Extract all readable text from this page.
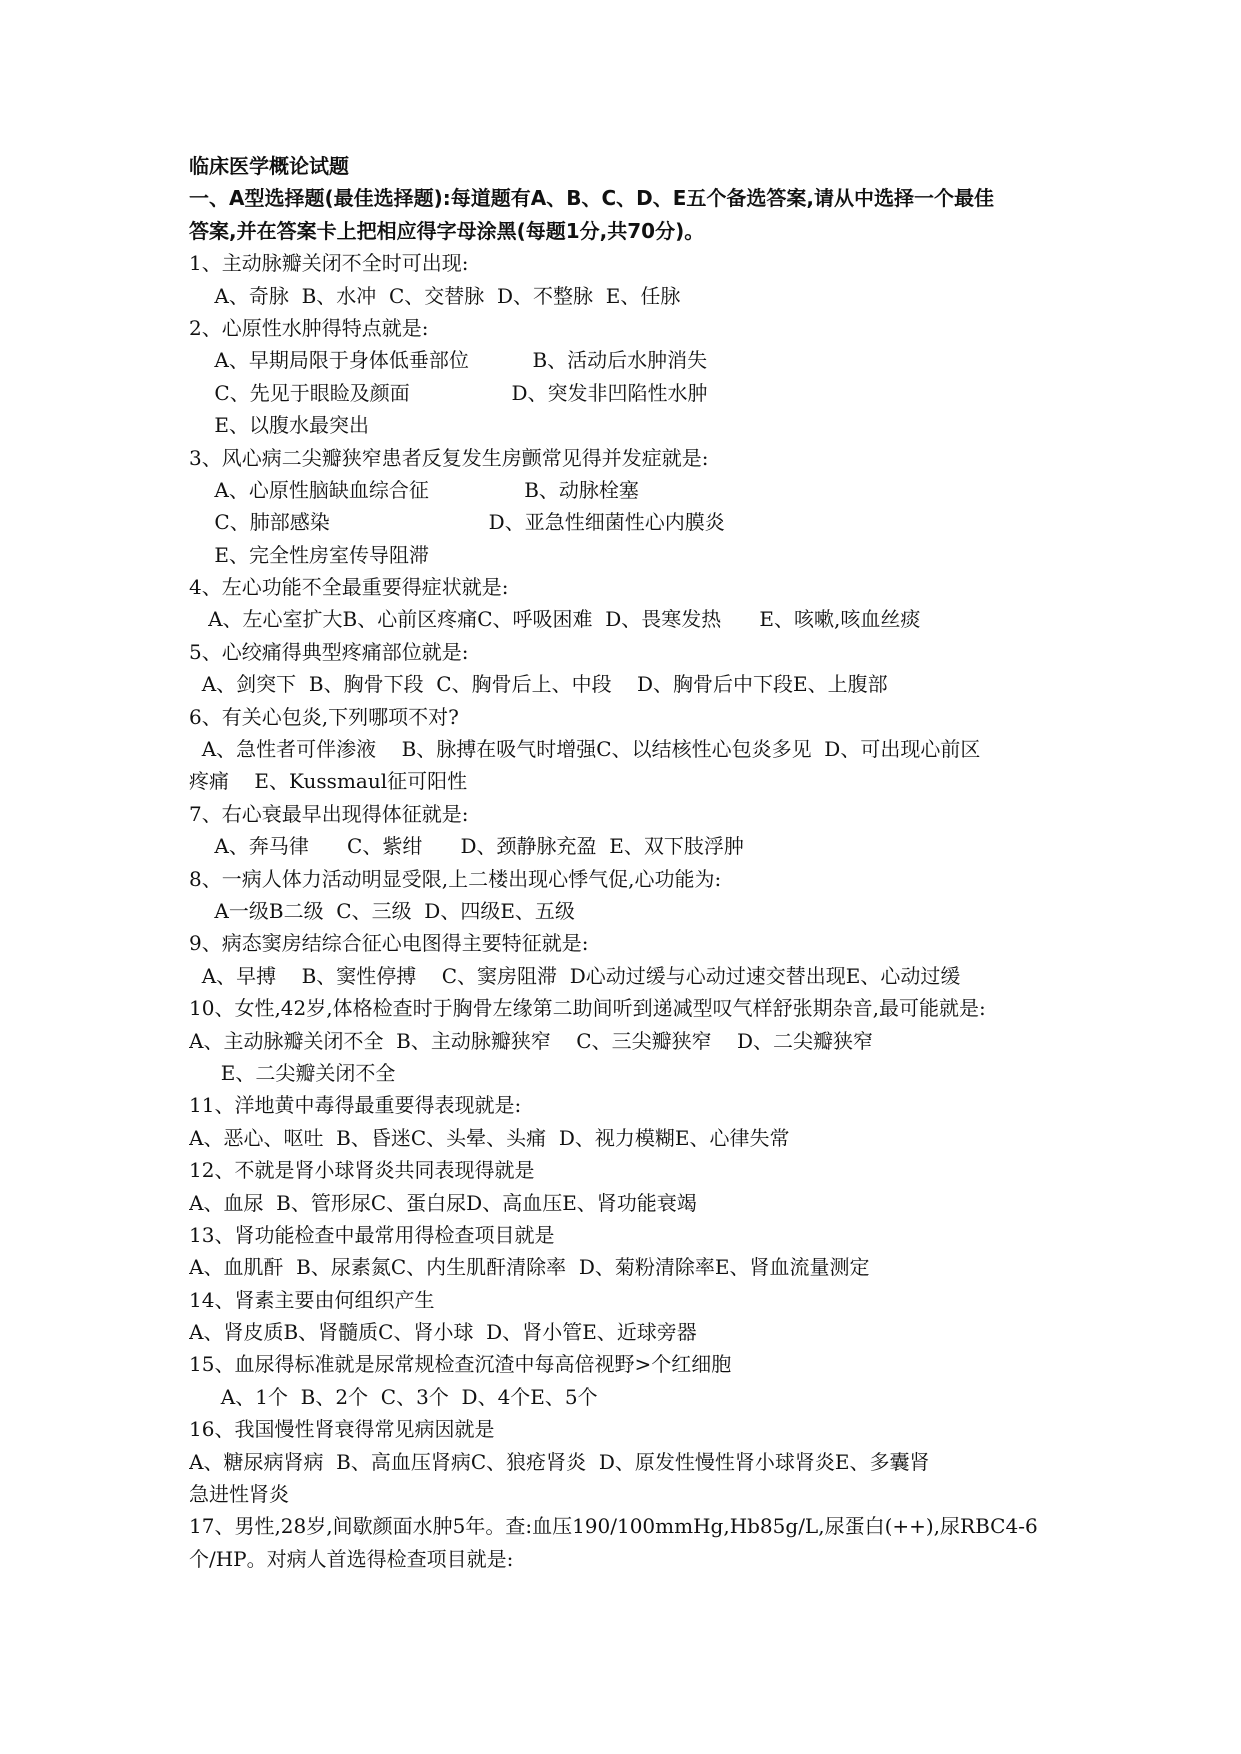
临床医学概论试题
一、A型选择题(最佳选择题):每道题有A、B、C、D、E五个备选答案,请从中选择一个最佳
答案,并在答案卡上把相应得字母涂黑(每题1分,共70分)。
1、主动脉瓣关闭不全时可出现:
A、奇脉  B、水冲  C、交替脉  D、不整脉  E、任脉
2、心原性水肿得特点就是:
A、早期局限于身体低垂部位          B、活动后水肿消失
C、先见于眼睑及颜面                D、突发非凹陷性水肿
E、以腹水最突出
3、风心病二尖瓣狭窄患者反复发生房颤常见得并发症就是:
A、心原性脑缺血综合征               B、动脉栓塞
C、肺部感染                         D、亚急性细菌性心内膜炎
E、完全性房室传导阻滞
4、左心功能不全最重要得症状就是:
A、左心室扩大B、心前区疼痛C、呼吸困难  D、畏寒发热      E、咳嗽,咳血丝痰
5、心绞痛得典型疼痛部位就是:
A、剑突下  B、胸骨下段  C、胸骨后上、中段    D、胸骨后中下段E、上腹部
6、有关心包炎,下列哪项不对?
A、急性者可伴渗液    B、脉搏在吸气时增强C、以结核性心包炎多见  D、可出现心前区
疼痛    E、Kussmaul征可阳性
7、右心衰最早出现得体征就是:
A、奔马律      C、紫绀      D、颈静脉充盈  E、双下肢浮肿
8、一病人体力活动明显受限,上二楼出现心悸气促,心功能为:
A一级B二级  C、三级  D、四级E、五级
9、病态窦房结综合征心电图得主要特征就是:
A、早搏    B、窦性停搏    C、窦房阻滞  D心动过缓与心动过速交替出现E、心动过缓
10、女性,42岁,体格检查时于胸骨左缘第二助间听到递减型叹气样舒张期杂音,最可能就是:
A、主动脉瓣关闭不全  B、主动脉瓣狭窄    C、三尖瓣狭窄    D、二尖瓣狭窄
E、二尖瓣关闭不全
11、洋地黄中毒得最重要得表现就是:
A、恶心、呕吐  B、昏迷C、头晕、头痛  D、视力模糊E、心律失常
12、不就是肾小球肾炎共同表现得就是
A、血尿  B、管形尿C、蛋白尿D、高血压E、肾功能衰竭
13、肾功能检查中最常用得检查项目就是
A、血肌酐  B、尿素氮C、内生肌酐清除率  D、菊粉清除率E、肾血流量测定
14、肾素主要由何组织产生
A、肾皮质B、肾髓质C、肾小球  D、肾小管E、近球旁器
15、血尿得标准就是尿常规检查沉渣中每高倍视野>个红细胞
A、1个  B、2个  C、3个  D、4个E、5个
16、我国慢性肾衰得常见病因就是
A、糖尿病肾病  B、高血压肾病C、狼疮肾炎  D、原发性慢性肾小球肾炎E、多囊肾
急进性肾炎
17、男性,28岁,间歇颜面水肿5年。查:血压190/100mmHg,Hb85g/L,尿蛋白(++),尿RBC4-6
个/HP。对病人首选得检查项目就是:
